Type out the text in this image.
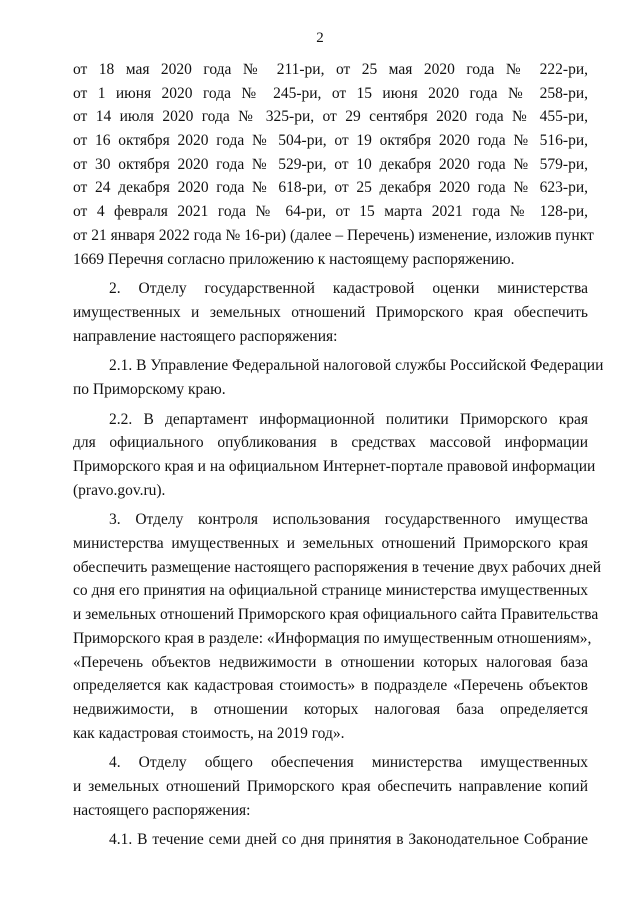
2
от 18 мая 2020 года № 211-ри, от 25 мая 2020 года № 222-ри,
от 1 июня 2020 года № 245-ри, от 15 июня 2020 года № 258-ри,
от 14 июля 2020 года № 325-ри, от 29 сентября 2020 года № 455-ри,
от 16 октября 2020 года № 504-ри, от 19 октября 2020 года № 516-ри,
от 30 октября 2020 года № 529-ри, от 10 декабря 2020 года № 579-ри,
от 24 декабря 2020 года № 618-ри, от 25 декабря 2020 года № 623-ри,
от 4 февраля 2021 года № 64-ри, от 15 марта 2021 года № 128-ри,
от 21 января 2022 года № 16-ри) (далее – Перечень) изменение, изложив пункт
1669 Перечня согласно приложению к настоящему распоряжению.
2. Отделу государственной кадастровой оценки министерства
имущественных и земельных отношений Приморского края обеспечить
направление настоящего распоряжения:
2.1. В Управление Федеральной налоговой службы Российской Федерации
по Приморскому краю.
2.2. В департамент информационной политики Приморского края
для официального опубликования в средствах массовой информации
Приморского края и на официальном Интернет-портале правовой информации
(pravo.gov.ru).
3. Отделу контроля использования государственного имущества
министерства имущественных и земельных отношений Приморского края
обеспечить размещение настоящего распоряжения в течение двух рабочих дней
со дня его принятия на официальной странице министерства имущественных
и земельных отношений Приморского края официального сайта Правительства
Приморского края в разделе: «Информация по имущественным отношениям»,
«Перечень объектов недвижимости в отношении которых налоговая база
определяется как кадастровая стоимость» в подразделе «Перечень объектов
недвижимости, в отношении которых налоговая база определяется
как кадастровая стоимость, на 2019 год».
4. Отделу общего обеспечения министерства имущественных
и земельных отношений Приморского края обеспечить направление копий
настоящего распоряжения:
4.1. В течение семи дней со дня принятия в Законодательное Собрание
